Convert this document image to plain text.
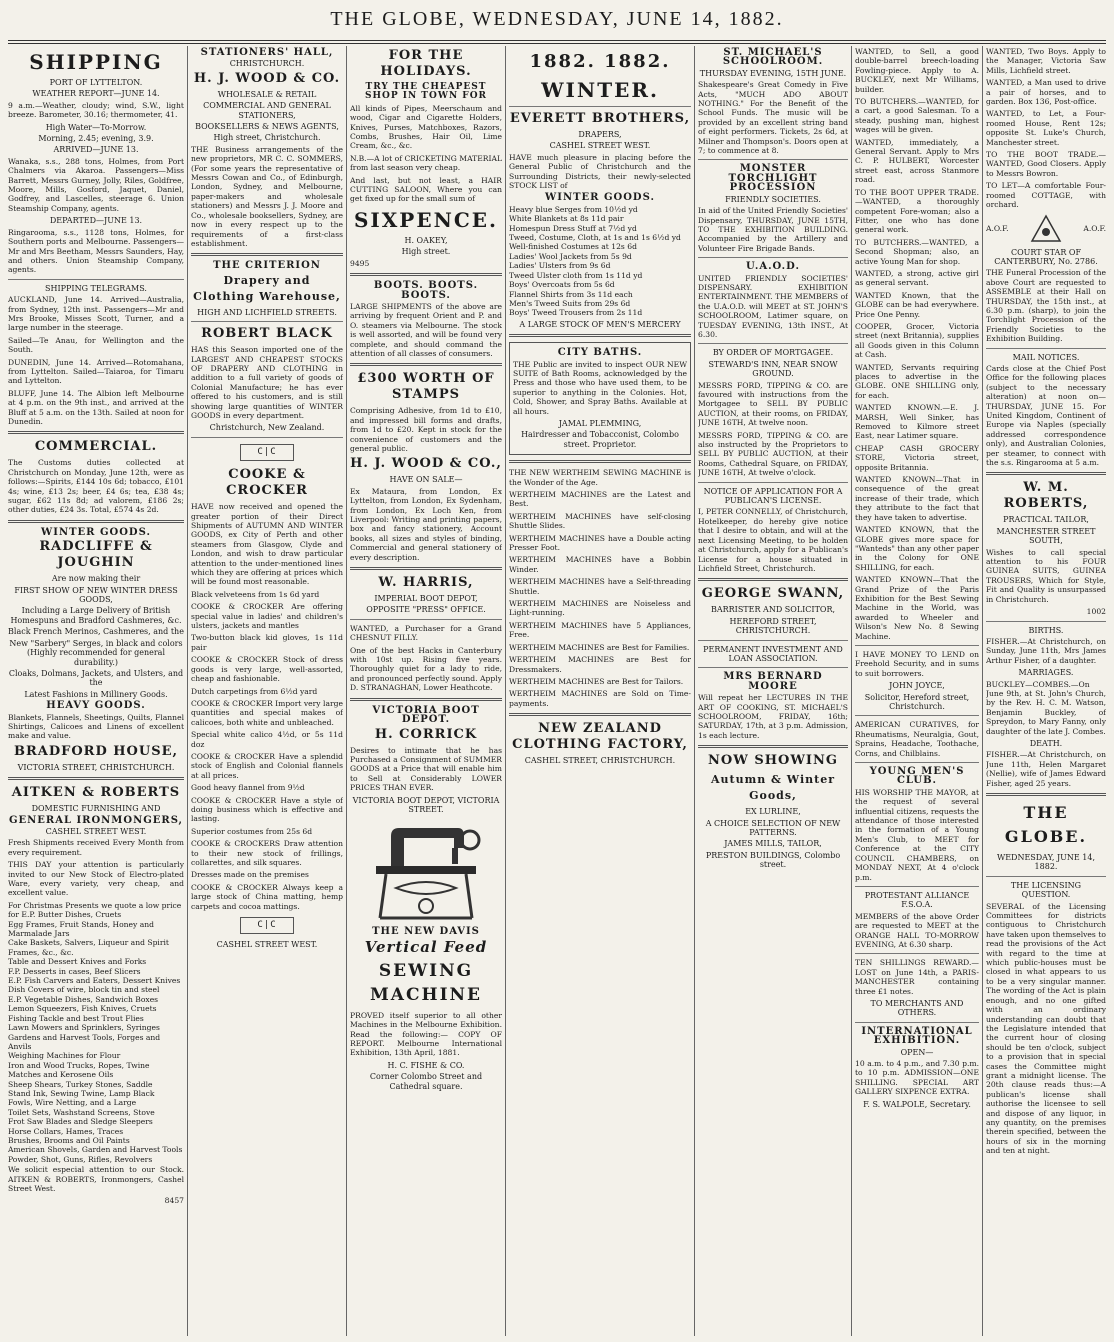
THE GLOBE, WEDNESDAY, JUNE 14, 1882.
SHIPPING
PORT OF LYTTELTON.
WEATHER REPORT—JUNE 14.
9 a.m.—Weather, cloudy; wind, S.W., light breeze. Barometer, 30.16; thermometer, 41.
High Water—To-Morrow.
Morning, 2.45; evening, 3.9.
ARRIVED—JUNE 13.
Wanaka, s.s., 288 tons, Holmes, from Port Chalmers via Akaroa. Passengers—Miss Barrett, Messrs Gurney, Jolly, Riles, Goldfree, Moore, Mills, Gosford, Jaquet, Daniel, Godfrey, and Lascelles, steerage 6. Union Steamship Company, agents.
DEPARTED—JUNE 13.
Ringarooma, s.s., 1128 tons, Holmes, for Southern ports and Melbourne. Passengers—Mr and Mrs Beetham, Messrs Saunders, Hay, and others. Union Steamship Company, agents.
SHIPPING TELEGRAMS.
AUCKLAND, June 14. Arrived—Australia, from Sydney, 12th inst. Passengers—Mr and Mrs Brooke, Misses Scott, Turner, and a large number in the steerage.
Sailed—Te Anau, for Wellington and the South.
DUNEDIN, June 14. Arrived—Rotomahana, from Lyttelton. Sailed—Taiaroa, for Timaru and Lyttelton.
BLUFF, June 14. The Albion left Melbourne at 4 p.m. on the 9th inst., and arrived at the Bluff at 5 a.m. on the 13th. Sailed at noon for Dunedin.
COMMERCIAL.
The Customs duties collected at Christchurch on Monday, June 12th, were as follows:—Spirits, £144 10s 6d; tobacco, £101 4s; wine, £13 2s; beer, £4 6s; tea, £38 4s; sugar, £62 11s 8d; ad valorem, £186 2s; other duties, £24 3s. Total, £574 4s 2d.
WINTER GOODS.
RADCLIFFE & JOUGHIN
Are now making their
FIRST SHOW OF NEW WINTER DRESS GOODS,
Including a Large Delivery of British Homespuns and Bradford Cashmeres, &c.
Black French Merinos, Cashmeres, and the
New "Sarbery" Serges, in black and colors (Highly recommended for general durability.)
Cloaks, Dolmans, Jackets, and Ulsters, and the
Latest Fashions in Millinery Goods.
HEAVY GOODS.
Blankets, Flannels, Sheetings, Quilts, Flannel Shirtings, Calicoes and Linens of excellent make and value.
BRADFORD HOUSE,
VICTORIA STREET, CHRISTCHURCH.
AITKEN & ROBERTS
DOMESTIC FURNISHING AND
GENERAL IRONMONGERS,
CASHEL STREET WEST.
Fresh Shipments received Every Month from every requirement.
THIS DAY your attention is particularly invited to our New Stock of Electro-plated Ware, every variety, very cheap, and excellent value.
For Christmas Presents we quote a low price for E.P. Butter Dishes, Cruets
Egg Frames, Fruit Stands, Honey and Marmalade Jars
Cake Baskets, Salvers, Liqueur and Spirit Frames, &c., &c.
Table and Dessert Knives and Forks
F.P. Desserts in cases, Beef Slicers
E.P. Fish Carvers and Eaters, Dessert Knives
Dish Covers of wire, block tin and steel
E.P. Vegetable Dishes, Sandwich Boxes
Lemon Squeezers, Fish Knives, Cruets
Fishing Tackle and best Trout Flies
Lawn Mowers and Sprinklers, Syringes
Gardens and Harvest Tools, Forges and Anvils
Weighing Machines for Flour
Iron and Wood Trucks, Ropes, Twine
Matches and Kerosene Oils
Sheep Shears, Turkey Stones, Saddle
Stand Ink, Sewing Twine, Lamp Black
Fowls, Wire Netting, and a Large
Toilet Sets, Washstand Screens, Stove
Frot Saw Blades and Sledge Sleepers
Horse Collars, Hames, Traces
Brushes, Brooms and Oil Paints
American Shovels, Garden and Harvest Tools
Powder, Shot, Guns, Rifles, Revolvers
We solicit especial attention to our Stock. AITKEN & ROBERTS, Ironmongers, Cashel Street West.
8457
STATIONERS' HALL,
CHRISTCHURCH.
H. J. WOOD & CO.
WHOLESALE & RETAIL
COMMERCIAL AND GENERAL STATIONERS,
BOOKSELLERS & NEWS AGENTS,
High street, Christchurch.
THE Business arrangements of the new proprietors, MR C. C. SOMMERS, (For some years the representative of Messrs Cowan and Co., of Edinburgh, London, Sydney, and Melbourne, paper-makers and wholesale stationers) and Messrs J. J. Moore and Co., wholesale booksellers, Sydney, are now in every respect up to the requirements of a first-class establishment.
THE CRITERION
Drapery and Clothing Warehouse,
HIGH AND LICHFIELD STREETS.
ROBERT BLACK
HAS this Season imported one of the LARGEST AND CHEAPEST STOCKS OF DRAPERY AND CLOTHING in addition to a full variety of goods of Colonial Manufacture; he has ever offered to his customers, and is still showing large quantities of WINTER GOODS in every department.
Christchurch, New Zealand.
C|C
COOKE & CROCKER
HAVE now received and opened the greater portion of their Direct Shipments of AUTUMN AND WINTER GOODS, ex City of Perth and other steamers from Glasgow, Clyde and London, and wish to draw particular attention to the under-mentioned lines which they are offering at prices which will be found most reasonable.
Black velveteens from 1s 6d yard
COOKE & CROCKER Are offering special value in ladies' and children's ulsters, jackets and mantles
Two-button black kid gloves, 1s 11d pair
COOKE & CROCKER Stock of dress goods is very large, well-assorted, cheap and fashionable.
Dutch carpetings from 6½d yard
COOKE & CROCKER Import very large quantities and special makes of calicoes, both white and unbleached.
Special white calico 4½d, or 5s 11d doz
COOKE & CROCKER Have a splendid stock of English and Colonial flannels at all prices.
Good heavy flannel from 9½d
COOKE & CROCKER Have a style of doing business which is effective and lasting.
Superior costumes from 25s 6d
COOKE & CROCKERS Draw attention to their new stock of frillings, collarettes, and silk squares.
Dresses made on the premises
COOKE & CROCKER Always keep a large stock of China matting, hemp carpets and cocoa mattings.
C|C
CASHEL STREET WEST.
FOR THE HOLIDAYS.
TRY THE CHEAPEST SHOP IN TOWN FOR
All kinds of Pipes, Meerschaum and wood, Cigar and Cigarette Holders, Knives, Purses, Matchboxes, Razors, Combs, Brushes, Hair Oil, Lime Cream, &c., &c.
N.B.—A lot of CRICKETING MATERIAL from last season very cheap.
And last, but not least, a HAIR CUTTING SALOON, Where you can get fixed up for the small sum of
SIXPENCE.
H. OAKEY,
High street.
9495
BOOTS. BOOTS. BOOTS.
LARGE SHIPMENTS of the above are arriving by frequent Orient and P. and O. steamers via Melbourne. The stock is well assorted, and will be found very complete, and should command the attention of all classes of consumers.
£300 WORTH OF STAMPS
Comprising Adhesive, from 1d to £10, and impressed bill forms and drafts, from 1d to £20. Kept in stock for the convenience of customers and the general public.
H. J. WOOD & CO.,
HAVE ON SALE—
Ex Mataura, from London, Ex Lyttelton, from London, Ex Sydenham, from London, Ex Loch Ken, from Liverpool: Writing and printing papers, box and fancy stationery, Account books, all sizes and styles of binding, Commercial and general stationery of every description.
W. HARRIS,
IMPERIAL BOOT DEPOT,
OPPOSITE "PRESS" OFFICE.
WANTED, a Purchaser for a Grand CHESNUT FILLY.
One of the best Hacks in Canterbury with 10st up. Rising five years. Thoroughly quiet for a lady to ride, and pronounced perfectly sound. Apply D. STRANAGHAN, Lower Heathcote.
VICTORIA BOOT DEPOT.
H. CORRICK
Desires to intimate that he has Purchased a Consignment of SUMMER GOODS at a Price that will enable him to Sell at Considerably LOWER PRICES THAN EVER.
VICTORIA BOOT DEPOT, VICTORIA STREET.
THE NEW DAVIS
Vertical Feed
SEWING MACHINE
PROVED itself superior to all other Machines in the Melbourne Exhibition. Read the following:— COPY OF REPORT. Melbourne International Exhibition, 13th April, 1881.
H. C. FISHE & CO.
Corner Colombo Street and Cathedral square.
1882. 1882.
WINTER.
EVERETT BROTHERS,
DRAPERS,
CASHEL STREET WEST.
HAVE much pleasure in placing before the General Public of Christchurch and the Surrounding Districts, their newly-selected STOCK LIST of
WINTER GOODS.
Heavy blue Serges from 10½d yd
White Blankets at 8s 11d pair
Homespun Dress Stuff at 7½d yd
Tweed, Costume, Cloth, at 1s and 1s 6½d yd
Well-finished Costumes at 12s 6d
Ladies' Wool Jackets from 5s 9d
Ladies' Ulsters from 9s 6d
Tweed Ulster cloth from 1s 11d yd
Boys' Overcoats from 5s 6d
Flannel Shirts from 3s 11d each
Men's Tweed Suits from 29s 6d
Boys' Tweed Trousers from 2s 11d
A LARGE STOCK OF MEN'S MERCERY
CITY BATHS.
THE Public are invited to inspect OUR NEW SUITE of Bath Rooms, acknowledged by the Press and those who have used them, to be superior to anything in the Colonies. Hot, Cold, Shower, and Spray Baths. Available at all hours.
JAMAL PLEMMING,
Hairdresser and Tobacconist, Colombo street. Proprietor.
THE NEW WERTHEIM SEWING MACHINE is the Wonder of the Age.
WERTHEIM MACHINES are the Latest and Best.
WERTHEIM MACHINES have self-closing Shuttle Slides.
WERTHEIM MACHINES have a Double acting Presser Foot.
WERTHEIM MACHINES have a Bobbin Winder.
WERTHEIM MACHINES have a Self-threading Shuttle.
WERTHEIM MACHINES are Noiseless and Light-running.
WERTHEIM MACHINES have 5 Appliances, Free.
WERTHEIM MACHINES are Best for Families.
WERTHEIM MACHINES are Best for Dressmakers.
WERTHEIM MACHINES are Best for Tailors.
WERTHEIM MACHINES are Sold on Time-payments.
NEW ZEALAND CLOTHING FACTORY,
CASHEL STREET, CHRISTCHURCH.
ST. MICHAEL'S SCHOOLROOM.
THURSDAY EVENING, 15TH JUNE.
Shakespeare's Great Comedy in Five Acts, "MUCH ADO ABOUT NOTHING." For the Benefit of the School Funds. The music will be provided by an excellent string band of eight performers. Tickets, 2s 6d, at Milner and Thompson's. Doors open at 7; to commence at 8.
MONSTER TORCHLIGHT PROCESSION
FRIENDLY SOCIETIES.
In aid of the United Friendly Societies' Dispensary, THURSDAY, JUNE 15TH, TO THE EXHIBITION BUILDING. Accompanied by the Artillery and Volunteer Fire Brigade Bands.
U.A.O.D.
UNITED FRIENDLY SOCIETIES' DISPENSARY. EXHIBITION ENTERTAINMENT. THE MEMBERS of the U.A.O.D. will MEET at ST. JOHN'S SCHOOLROOM, Latimer square, on TUESDAY EVENING, 13th INST., At 6.30.
BY ORDER OF MORTGAGEE.
STEWARD'S INN, NEAR SNOW GROUND.
MESSRS FORD, TIPPING & CO. are favoured with instructions from the Mortgagee to SELL BY PUBLIC AUCTION, at their rooms, on FRIDAY, JUNE 16TH, At twelve noon.
MESSRS FORD, TIPPING & CO. are also instructed by the Proprietors to SELL BY PUBLIC AUCTION, at their Rooms, Cathedral Square, on FRIDAY, JUNE 16TH, At twelve o'clock.
NOTICE OF APPLICATION FOR A PUBLICAN'S LICENSE.
I, PETER CONNELLY, of Christchurch, Hotelkeeper, do hereby give notice that I desire to obtain, and will at the next Licensing Meeting, to be holden at Christchurch, apply for a Publican's License for a house situated in Lichfield Street, Christchurch.
GEORGE SWANN,
BARRISTER AND SOLICITOR,
HEREFORD STREET, CHRISTCHURCH.
PERMANENT INVESTMENT AND LOAN ASSOCIATION.
MRS BERNARD MOORE
Will repeat her LECTURES IN THE ART OF COOKING, ST. MICHAEL'S SCHOOLROOM, FRIDAY, 16th; SATURDAY, 17th, at 3 p.m. Admission, 1s each lecture.
NOW SHOWING
Autumn & Winter Goods,
EX LURLINE,
A CHOICE SELECTION OF NEW PATTERNS.
JAMES MILLS, TAILOR,
PRESTON BUILDINGS, Colombo street.
WANTED, to Sell, a good double-barrel breech-loading Fowling-piece. Apply to A. BUCKLEY, next Mr Williams, builder.
TO BUTCHERS.—WANTED, for a cart, a good Salesman. To a steady, pushing man, highest wages will be given.
WANTED, immediately, a General Servant. Apply to Mrs C. P. HULBERT, Worcester street east, across Stanmore road.
TO THE BOOT UPPER TRADE.—WANTED, a thoroughly competent Fore-woman; also a Fitter, one who has done general work.
TO BUTCHERS.—WANTED, a Second Shopman; also, an active Young Man for shop.
WANTED, a strong, active girl as general servant.
WANTED Known, that the GLOBE can be had everywhere. Price One Penny.
COOPER, Grocer, Victoria street (next Britannia), supplies all Goods given in this Column at Cash.
WANTED, Servants requiring places to advertise in the GLOBE. ONE SHILLING only, for each.
WANTED KNOWN.—E. J. MARSH, Well Sinker, has Removed to Kilmore street East, near Latimer square.
CHEAP CASH GROCERY STORE, Victoria street, opposite Britannia.
WANTED KNOWN—That in consequence of the great increase of their trade, which they attribute to the fact that they have taken to advertise.
WANTED KNOWN, that the GLOBE gives more space for "Wanteds" than any other paper in the Colony for ONE SHILLING, for each.
WANTED KNOWN—That the Grand Prize of the Paris Exhibition for the Best Sewing Machine in the World, was awarded to Wheeler and Wilson's New No. 8 Sewing Machine.
I HAVE MONEY TO LEND on Freehold Security, and in sums to suit borrowers.
JOHN JOYCE,
Solicitor, Hereford street, Christchurch.
AMERICAN CURATIVES, for Rheumatisms, Neuralgia, Gout, Sprains, Headache, Toothache, Corns, and Chilblains.
YOUNG MEN'S CLUB.
HIS WORSHIP THE MAYOR, at the request of several influential citizens, requests the attendance of those interested in the formation of a Young Men's Club, to MEET for Conference at the CITY COUNCIL CHAMBERS, on MONDAY NEXT, At 4 o'clock p.m.
PROTESTANT ALLIANCE F.S.O.A.
MEMBERS of the above Order are requested to MEET at the ORANGE HALL TO-MORROW EVENING, At 6.30 sharp.
TEN SHILLINGS REWARD.—LOST on June 14th, a PARIS-MANCHESTER containing three £1 notes.
TO MERCHANTS AND OTHERS.
INTERNATIONAL EXHIBITION.
OPEN—
10 a.m. to 4 p.m., and 7.30 p.m. to 10 p.m. ADMISSION—ONE SHILLING. SPECIAL ART GALLERY SIXPENCE EXTRA.
F. S. WALPOLE, Secretary.
WANTED, Two Boys. Apply to the Manager, Victoria Saw Mills, Lichfield street.
WANTED, a Man used to drive a pair of horses, and to garden. Box 136, Post-office.
WANTED, to Let, a Four-roomed House, Rent 12s; opposite St. Luke's Church, Manchester street.
TO THE BOOT TRADE.—WANTED, Good Closers. Apply to Messrs Bowron.
TO LET—A comfortable Four-roomed COTTAGE, with orchard.
A.O.F.	A.O.F.
COURT STAR OF CANTERBURY, No. 2786.
THE Funeral Procession of the above Court are requested to ASSEMBLE at their Hall on THURSDAY, the 15th inst., at 6.30 p.m. (sharp), to join the Torchlight Procession of the Friendly Societies to the Exhibition Building.
MAIL NOTICES.
Cards close at the Chief Post Office for the following places (subject to the necessary alteration) at noon on— THURSDAY, JUNE 15. For United Kingdom, Continent of Europe via Naples (specially addressed correspondence only), and Australian Colonies, per steamer, to connect with the s.s. Ringarooma at 5 a.m.
W. M. ROBERTS,
PRACTICAL TAILOR,
MANCHESTER STREET SOUTH,
Wishes to call special attention to his FOUR GUINEA SUITS, GUINEA TROUSERS, Which for Style, Fit and Quality is unsurpassed in Christchurch.
1002
BIRTHS.
FISHER.—At Christchurch, on Sunday, June 11th, Mrs James Arthur Fisher, of a daughter.
MARRIAGES.
BUCKLEY—COMBES.—On June 9th, at St. John's Church, by the Rev. H. C. M. Watson, Benjamin Buckley, of Spreydon, to Mary Fanny, only daughter of the late J. Combes.
DEATH.
FISHER.—At Christchurch, on June 11th, Helen Margaret (Nellie), wife of James Edward Fisher, aged 25 years.
THE GLOBE.
WEDNESDAY, JUNE 14, 1882.
THE LICENSING QUESTION.
SEVERAL of the Licensing Committees for districts contiguous to Christchurch have taken upon themselves to read the provisions of the Act with regard to the time at which public-houses must be closed in what appears to us to be a very singular manner. The wording of the Act is plain enough, and no one gifted with an ordinary understanding can doubt that the Legislature intended that the current hour of closing should be ten o'clock, subject to a provision that in special cases the Committee might grant a midnight license. The 20th clause reads thus:—A publican's license shall authorise the licensee to sell and dispose of any liquor, in any quantity, on the premises therein specified, between the hours of six in the morning and ten at night.
